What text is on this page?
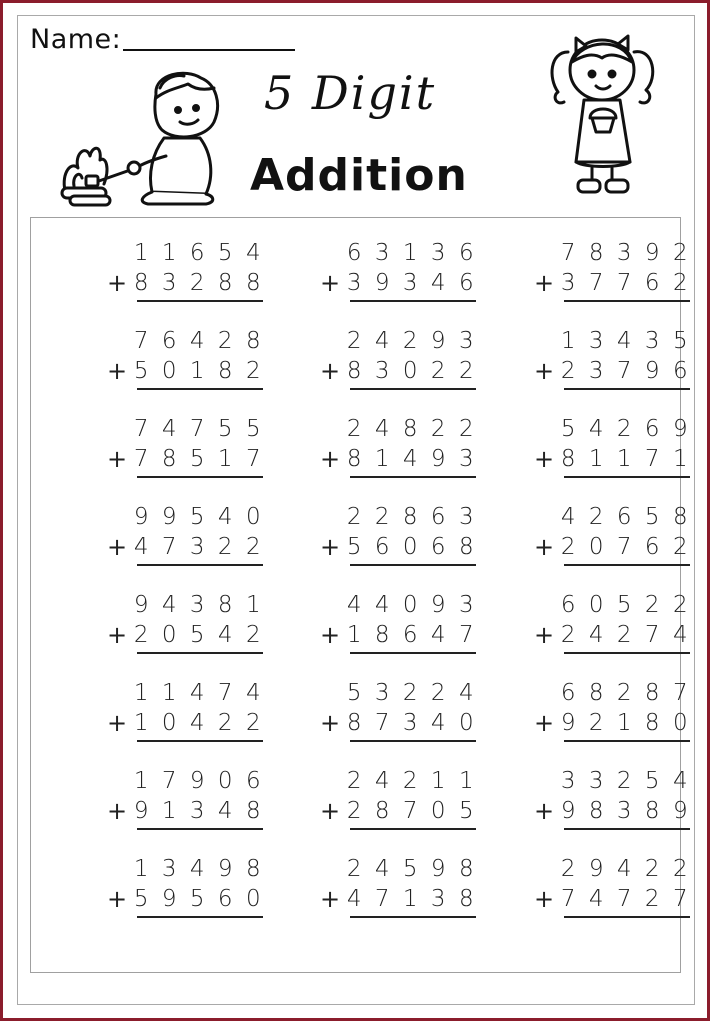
Name:
5 Digit
Addition
11654
+ 83288
63136
+ 39346
78392
+ 37762
76428
+ 50182
24293
+ 83022
13435
+ 23796
74755
+ 78517
24822
+ 81493
54269
+ 81171
99540
+ 47322
22863
+ 56068
42658
+ 20762
94381
+ 20542
44093
+ 18647
60522
+ 24274
11474
+ 10422
53224
+ 87340
68287
+ 92180
17906
+ 91348
24211
+ 28705
33254
+ 98389
13498
+ 59560
24598
+ 47138
29422
+ 74727
